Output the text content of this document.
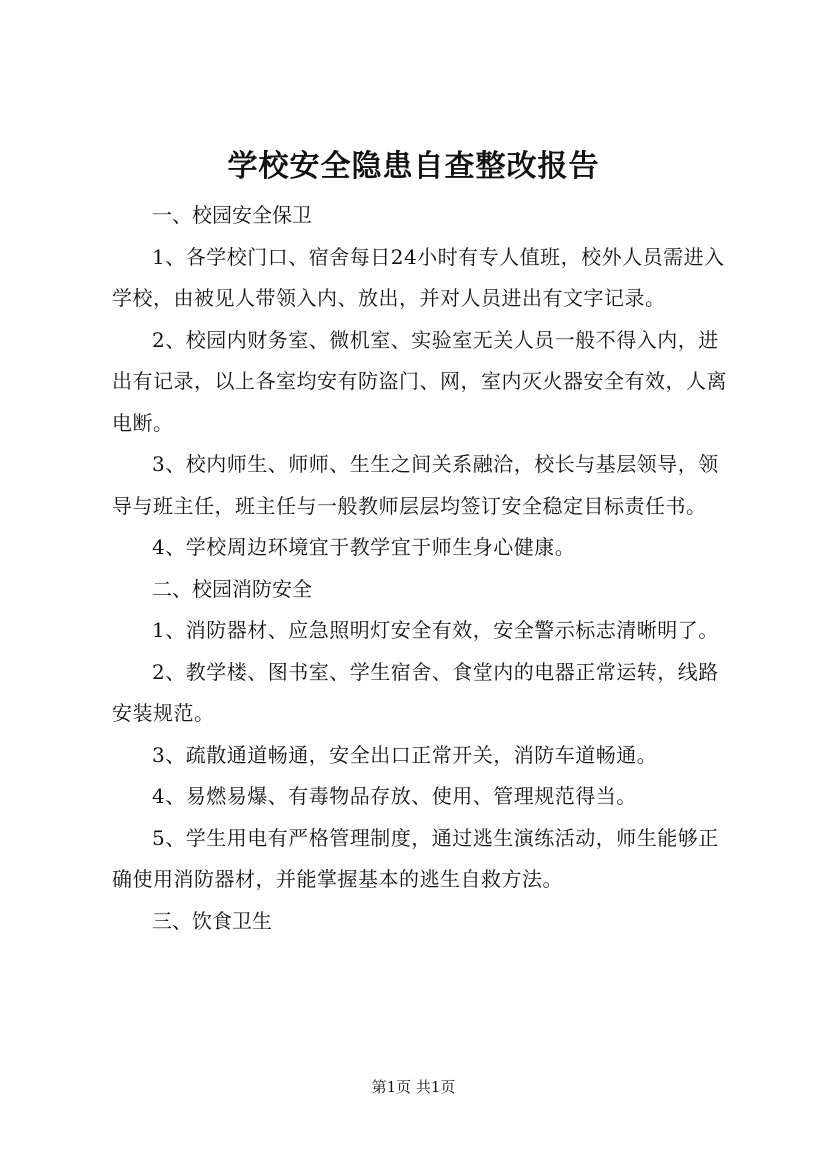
学校安全隐患自查整改报告

一、校园安全保卫

1、各学校门口、宿舍每日24小时有专人值班，校外人员需进入学校，由被见人带领入内、放出，并对人员进出有文字记录。

2、校园内财务室、微机室、实验室无关人员一般不得入内，进出有记录，以上各室均安有防盗门、网，室内灭火器安全有效，人离电断。

3、校内师生、师师、生生之间关系融洽，校长与基层领导，领导与班主任，班主任与一般教师层层均签订安全稳定目标责任书。

4、学校周边环境宜于教学宜于师生身心健康。

二、校园消防安全

1、消防器材、应急照明灯安全有效，安全警示标志清晰明了。

2、教学楼、图书室、学生宿舍、食堂内的电器正常运转，线路安装规范。

3、疏散通道畅通，安全出口正常开关，消防车道畅通。

4、易燃易爆、有毒物品存放、使用、管理规范得当。

5、学生用电有严格管理制度，通过逃生演练活动，师生能够正确使用消防器材，并能掌握基本的逃生自救方法。

三、饮食卫生

第1页 共1页
